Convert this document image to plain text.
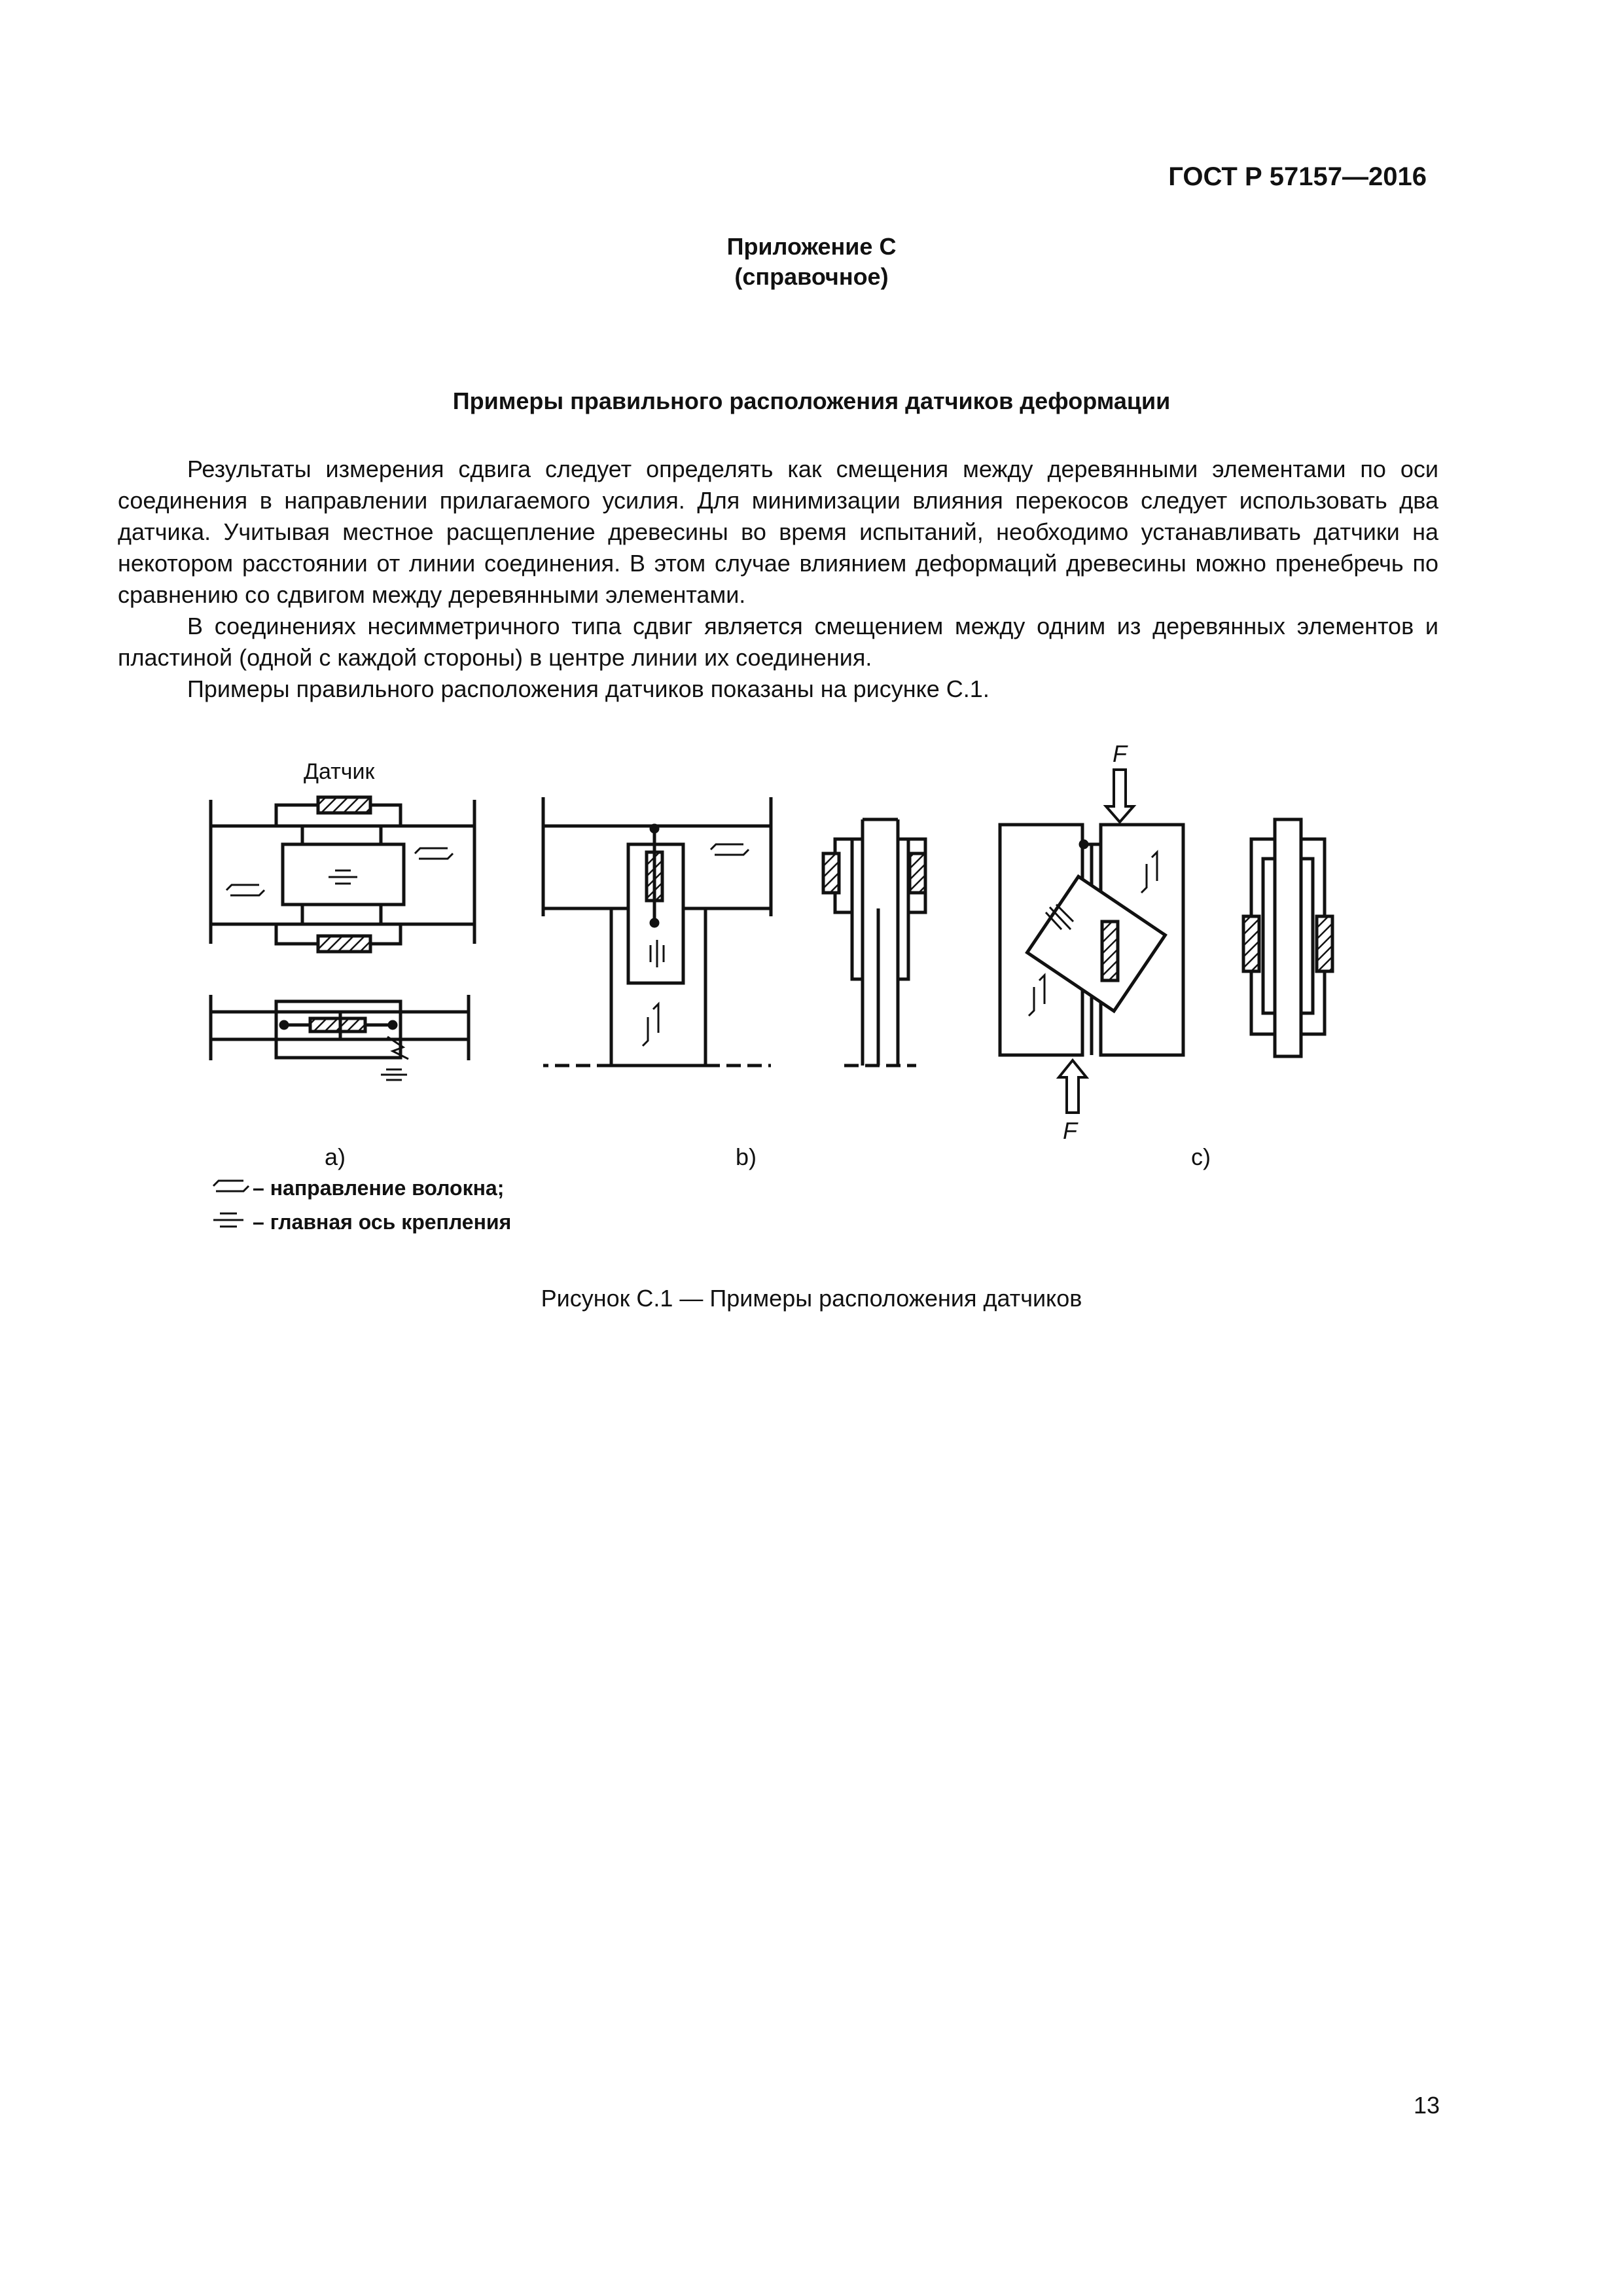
ГОСТ Р 57157—2016
Приложение С
(справочное)
Примеры правильного расположения датчиков деформации

Результаты измерения сдвига следует определять как смещения между деревянными элементами по оси соединения в направлении прилагаемого усилия. Для минимизации влияния перекосов следует использовать два датчика. Учитывая местное расщепление древесины во время испытаний, необходимо устанавливать датчики на некотором расстоянии от линии соединения. В этом случае влиянием деформаций древесины можно пренебречь по сравнению со сдвигом между деревянными элементами.

В соединениях несимметричного типа сдвиг является смещением между одним из деревянных элементов и пластиной (одной с каждой стороны) в центре линии их соединения.

Примеры правильного расположения датчиков показаны на рисунке С.1.

Датчик
F
F
a)	b)	c)
– направление волокна;
– главная ось крепления
Рисунок С.1 — Примеры расположения датчиков
13
